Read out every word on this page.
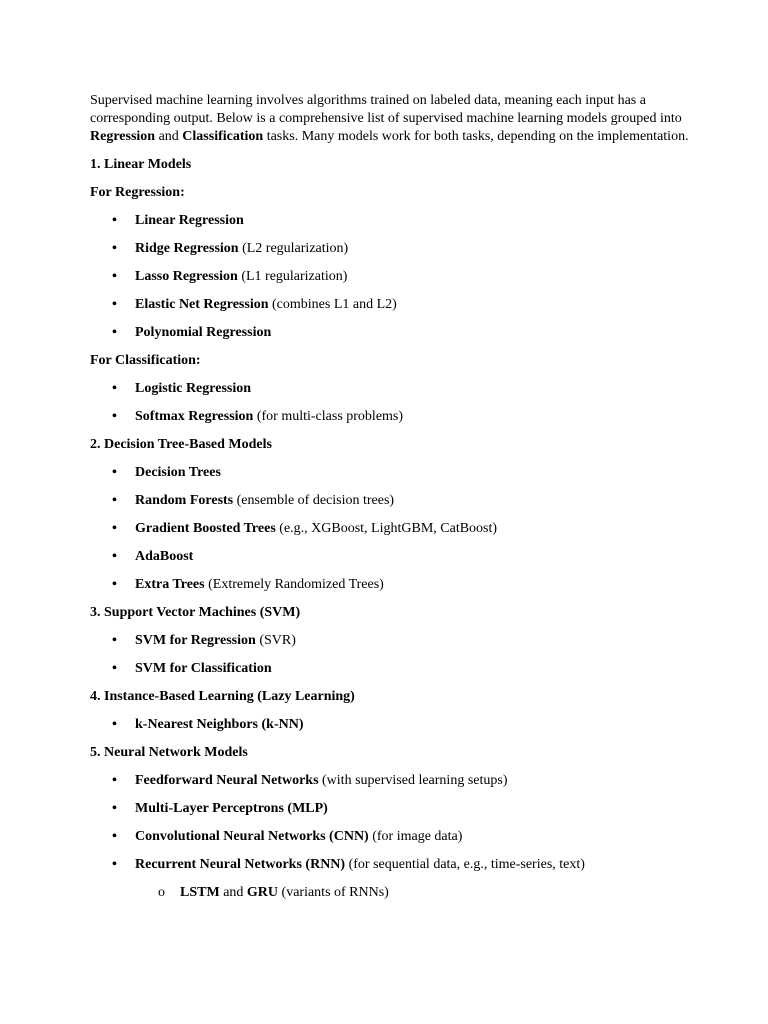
Supervised machine learning involves algorithms trained on labeled data, meaning each input has a corresponding output. Below is a comprehensive list of supervised machine learning models grouped into Regression and Classification tasks. Many models work for both tasks, depending on the implementation.

1. Linear Models

For Regression:

• Linear Regression
• Ridge Regression (L2 regularization)
• Lasso Regression (L1 regularization)
• Elastic Net Regression (combines L1 and L2)
• Polynomial Regression

For Classification:

• Logistic Regression
• Softmax Regression (for multi-class problems)

2. Decision Tree-Based Models

• Decision Trees
• Random Forests (ensemble of decision trees)
• Gradient Boosted Trees (e.g., XGBoost, LightGBM, CatBoost)
• AdaBoost
• Extra Trees (Extremely Randomized Trees)

3. Support Vector Machines (SVM)

• SVM for Regression (SVR)
• SVM for Classification

4. Instance-Based Learning (Lazy Learning)

• k-Nearest Neighbors (k-NN)

5. Neural Network Models

• Feedforward Neural Networks (with supervised learning setups)
• Multi-Layer Perceptrons (MLP)
• Convolutional Neural Networks (CNN) (for image data)
• Recurrent Neural Networks (RNN) (for sequential data, e.g., time-series, text)
o LSTM and GRU (variants of RNNs)
